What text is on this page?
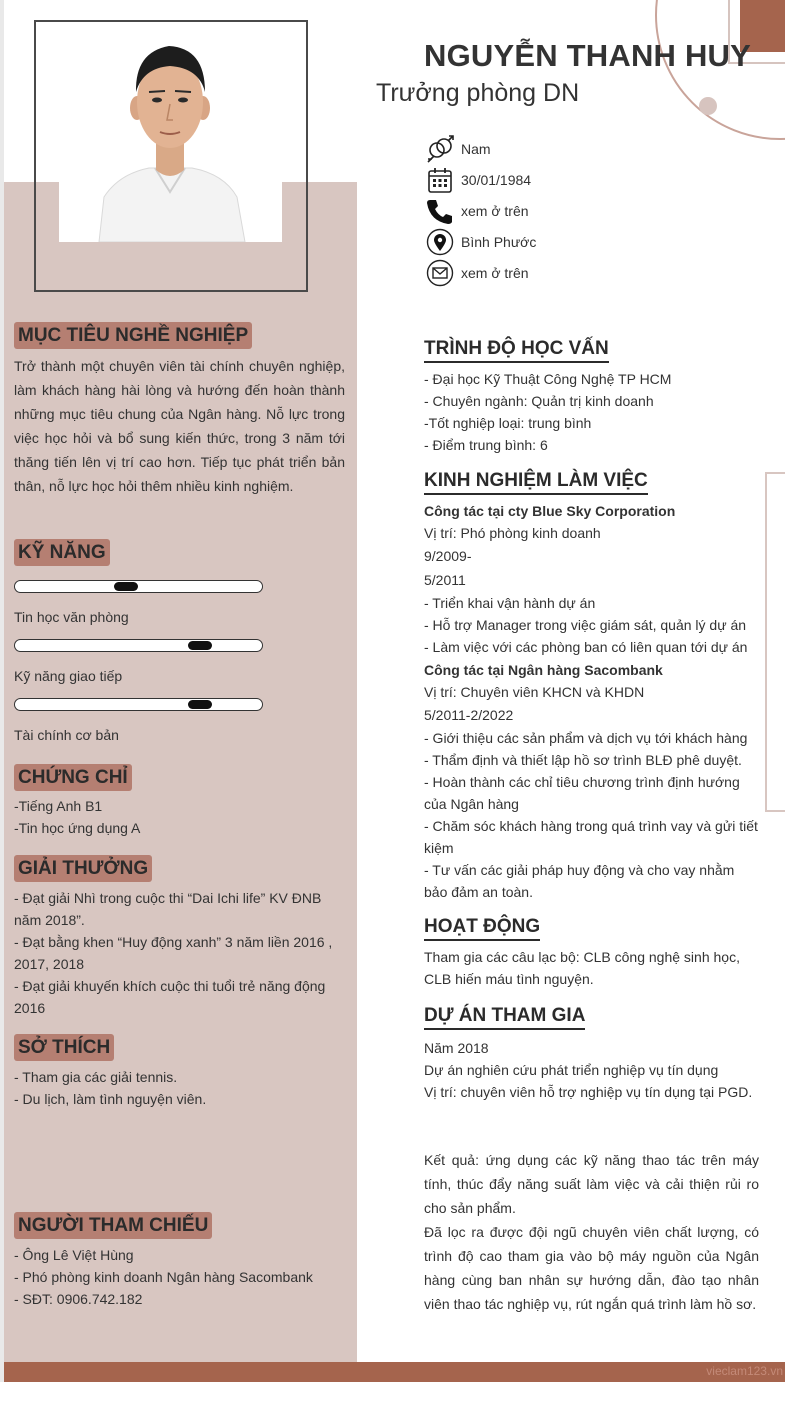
NGUYỄN THANH HUY
Trưởng phòng DN
Nam
30/01/1984
xem ở trên
Bình Phước
xem ở trên
MỤC TIÊU NGHỀ NGHIỆP
Trở thành một chuyên viên tài chính chuyên nghiệp, làm khách hàng hài lòng và hướng đến hoàn thành những mục tiêu chung của Ngân hàng. Nỗ lực trong việc học hỏi và bổ sung kiến thức, trong 3 năm tới thăng tiến lên vị trí cao hơn. Tiếp tục phát triển bản thân, nỗ lực học hỏi thêm nhiều kinh nghiệm.
KỸ NĂNG
Tin học văn phòng
Kỹ năng giao tiếp
Tài chính cơ bản
CHỨNG CHỈ
-Tiếng Anh B1
-Tin học ứng dụng A
GIẢI THƯỞNG
- Đạt giải Nhì trong cuộc thi “Dai Ichi life” KV ĐNB năm 2018”.
- Đạt bằng khen “Huy động xanh” 3 năm liền 2016 , 2017, 2018
- Đạt giải khuyến khích cuộc thi tuổi trẻ năng động 2016
SỞ THÍCH
- Tham gia các giải tennis.
- Du lịch, làm tình nguyện viên.
NGƯỜI THAM CHIẾU
- Ông Lê Việt Hùng
- Phó phòng kinh doanh Ngân hàng Sacombank
- SĐT: 0906.742.182
TRÌNH ĐỘ HỌC VẤN
- Đại học Kỹ Thuật Công Nghệ TP HCM
- Chuyên ngành: Quản trị kinh doanh
-Tốt nghiệp loại: trung bình
- Điểm trung bình: 6
KINH NGHIỆM LÀM VIỆC
Công tác tại cty Blue Sky Corporation
Vị trí: Phó phòng kinh doanh
9/2009-
5/2011
- Triển khai vận hành dự án
- Hỗ trợ Manager trong việc giám sát, quản lý dự án
- Làm việc với các phòng ban có liên quan tới dự án
Công tác tại Ngân hàng Sacombank
Vị trí: Chuyên viên KHCN và KHDN
5/2011-2/2022
- Giới thiệu các sản phẩm và dịch vụ tới khách hàng
- Thẩm định và thiết lập hồ sơ trình BLĐ phê duyệt.
- Hoàn thành các chỉ tiêu chương trình định hướng của Ngân hàng
- Chăm sóc khách hàng trong quá trình vay và gửi tiết kiệm
- Tư vấn các giải pháp huy động và cho vay nhằm bảo đảm an toàn.
HOẠT ĐỘNG
Tham gia các câu lạc bộ: CLB công nghệ sinh học, CLB hiến máu tình nguyện.
DỰ ÁN THAM GIA
Năm 2018
Dự án nghiên cứu phát triển nghiệp vụ tín dụng
Vị trí: chuyên viên hỗ trợ nghiệp vụ tín dụng tại PGD.
Kết quả: ứng dụng các kỹ năng thao tác trên máy tính, thúc đẩy năng suất làm việc và cải thiện rủi ro cho sản phẩm.
Đã lọc ra được đội ngũ chuyên viên chất lượng, có trình độ cao tham gia vào bộ máy nguồn của Ngân hàng cùng ban nhân sự hướng dẫn, đào tạo nhân viên thao tác nghiệp vụ, rút ngắn quá trình làm hồ sơ.
vieclam123.vn
